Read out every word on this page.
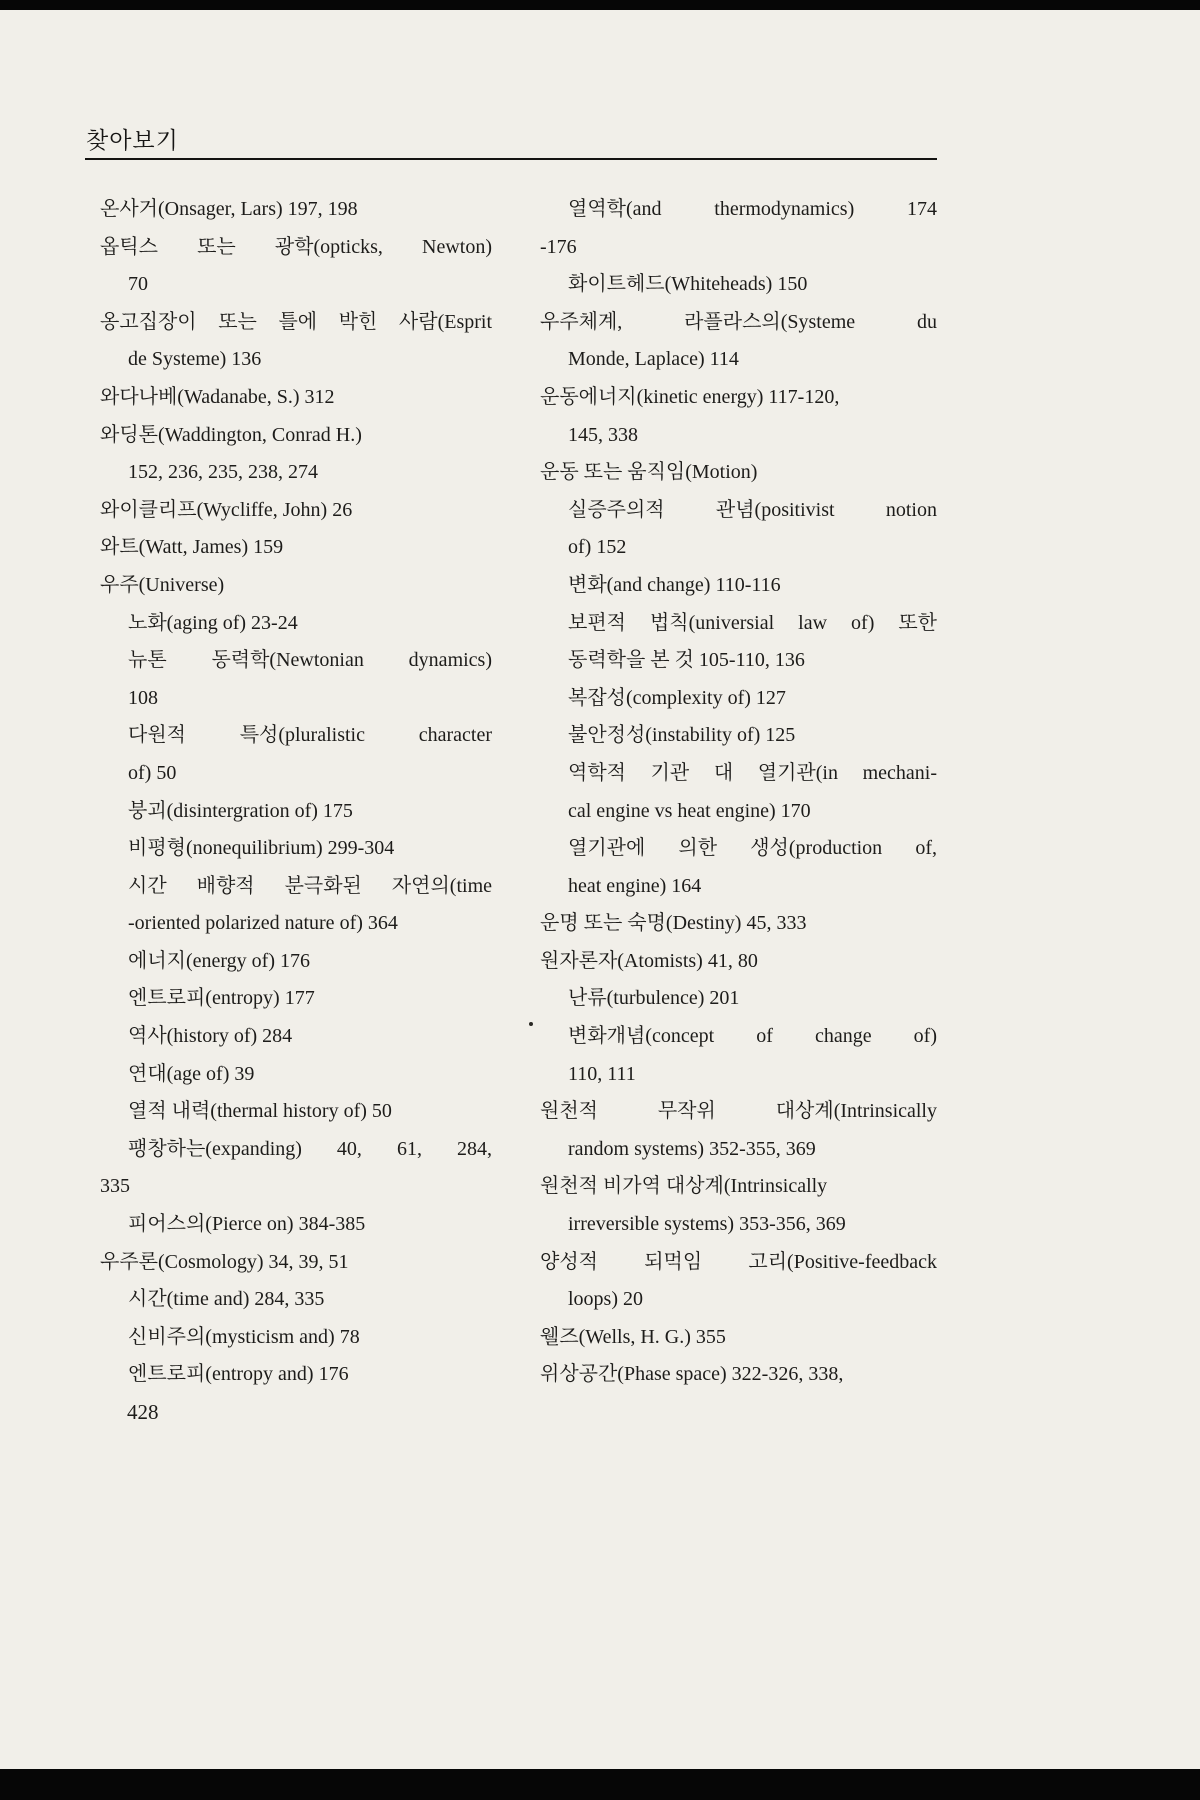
찾아보기
온사거(Onsager, Lars) 197, 198
옵틱스 또는 광학(opticks, Newton)
70
옹고집장이 또는 틀에 박힌 사람(Esprit
de Systeme) 136
와다나베(Wadanabe, S.) 312
와딩톤(Waddington, Conrad H.)
152, 236, 235, 238, 274
와이클리프(Wycliffe, John) 26
와트(Watt, James) 159
우주(Universe)
노화(aging of) 23-24
뉴톤 동력학(Newtonian dynamics)
108
다원적 특성(pluralistic character
of) 50
붕괴(disintergration of) 175
비평형(nonequilibrium) 299-304
시간 배향적 분극화된 자연의(time
-oriented polarized nature of) 364
에너지(energy of) 176
엔트로피(entropy) 177
역사(history of) 284
연대(age of) 39
열적 내력(thermal history of) 50
팽창하는(expanding) 40, 61, 284,
335
피어스의(Pierce on) 384-385
우주론(Cosmology) 34, 39, 51
시간(time and) 284, 335
신비주의(mysticism and) 78
엔트로피(entropy and) 176
열역학(and thermodynamics) 174
-176
화이트헤드(Whiteheads) 150
우주체계, 라플라스의(Systeme du
Monde, Laplace) 114
운동에너지(kinetic energy) 117-120,
145, 338
운동 또는 움직임(Motion)
실증주의적 관념(positivist notion
of) 152
변화(and change) 110-116
보편적 법칙(universial law of) 또한
동력학을 본 것 105-110, 136
복잡성(complexity of) 127
불안정성(instability of) 125
역학적 기관 대 열기관(in mechani-
cal engine vs heat engine) 170
열기관에 의한 생성(production of,
heat engine) 164
운명 또는 숙명(Destiny) 45, 333
원자론자(Atomists) 41, 80
난류(turbulence) 201
변화개념(concept of change of)
110, 111
원천적 무작위 대상계(Intrinsically
random systems) 352-355, 369
원천적 비가역 대상계(Intrinsically
irreversible systems) 353-356, 369
양성적 되먹임 고리(Positive-feedback
loops) 20
웰즈(Wells, H. G.) 355
위상공간(Phase space) 322-326, 338,
428
